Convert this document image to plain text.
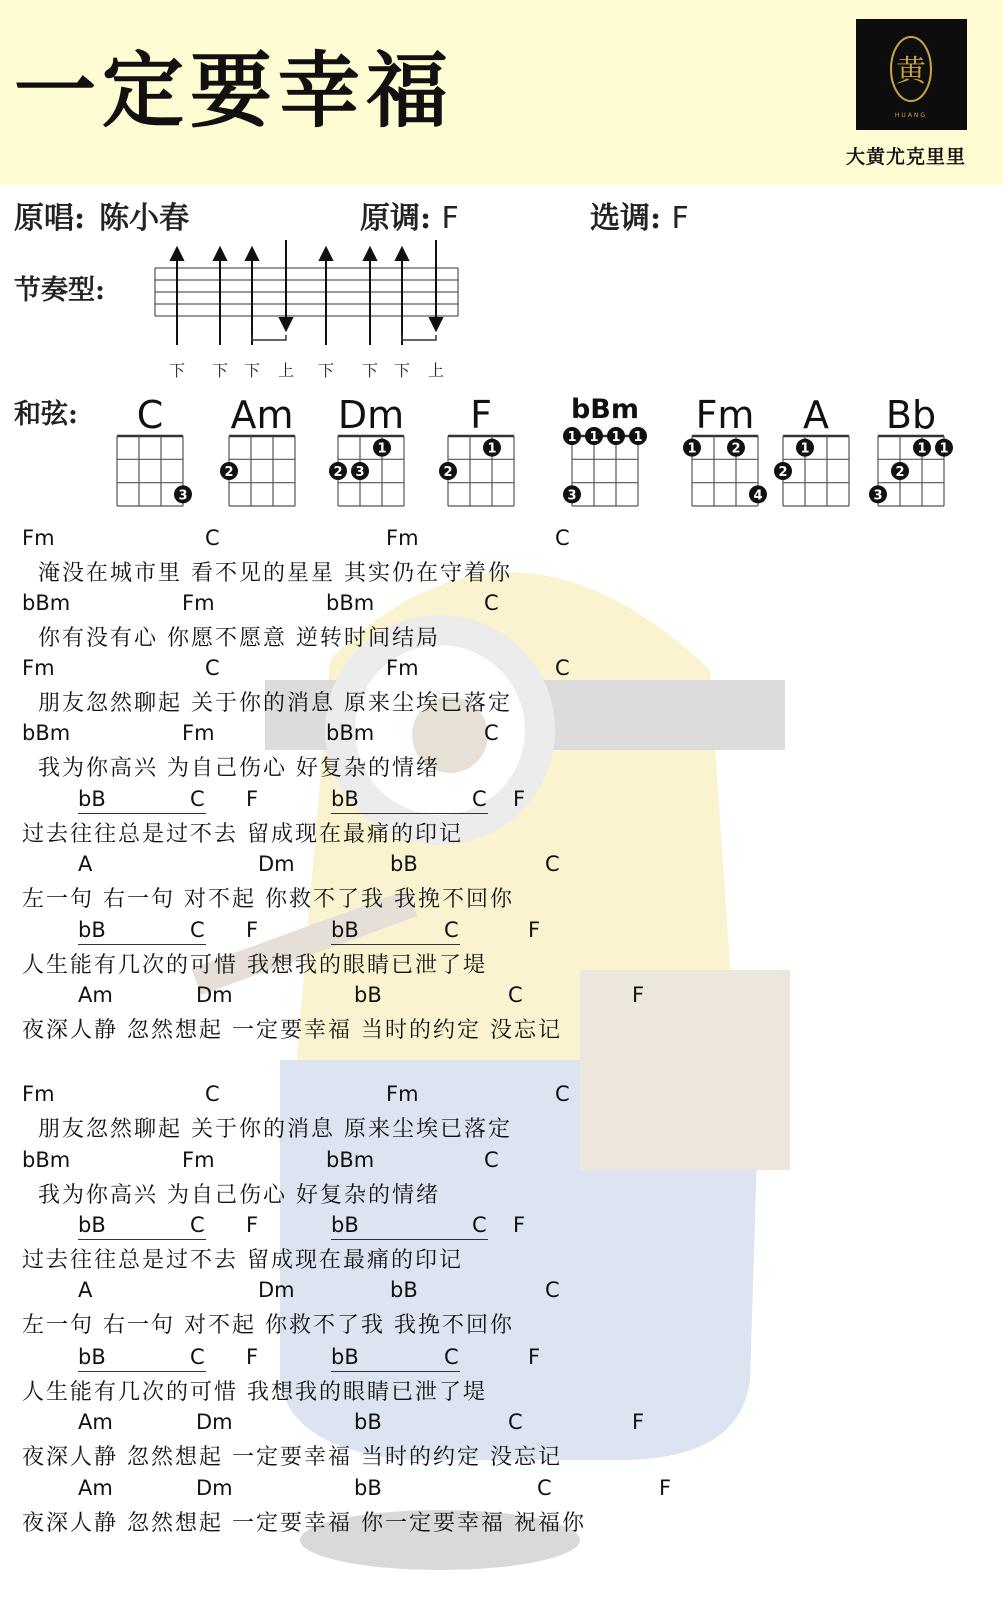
一定要幸福	黄
HUANG
大黄尤克里里
原唱: 陈小春	原调: F	选调: F
节奏型:
下 下 下 上 下 下 下 上
和弦: C
3
Am
2
Dm
1
2 3
F
1
2
bBm
1 1 1 1
3
Fm
1	2
4
A
1
2
Bb
1 1
2
3
Fm	C	Fm	C
淹没在城市里 看不见的星星 其实仍在守着你
bBm	Fm	bBm	C
你有没有心 你愿不愿意 逆转时间结局
Fm	C	Fm	C
朋友忽然聊起 关于你的消息 原来尘埃已落定
bBm	Fm	bBm	C
我为你高兴 为自己伤心 好复杂的情绪
bB	C F	bB	C F
过去往往总是过不去 留成现在最痛的印记
A	Dm	bB	C
左一句 右一句 对不起 你救不了我 我挽不回你
bB	C F	bB	C	F
人生能有几次的可惜 我想我的眼睛已泄了堤
Am	Dm	bB	C	F
夜深人静 忽然想起 一定要幸福 当时的约定 没忘记
Fm	C	Fm	C
朋友忽然聊起 关于你的消息 原来尘埃已落定
bBm	Fm	bBm	C
我为你高兴 为自己伤心 好复杂的情绪
bB	C F	bB	C F
过去往往总是过不去 留成现在最痛的印记
A	Dm	bB	C
左一句 右一句 对不起 你救不了我 我挽不回你
bB	C F	bB	C	F
人生能有几次的可惜 我想我的眼睛已泄了堤
Am	Dm	bB	C	F
夜深人静 忽然想起 一定要幸福 当时的约定 没忘记
Am	Dm	bB	C	F
夜深人静 忽然想起 一定要幸福 你一定要幸福 祝福你
